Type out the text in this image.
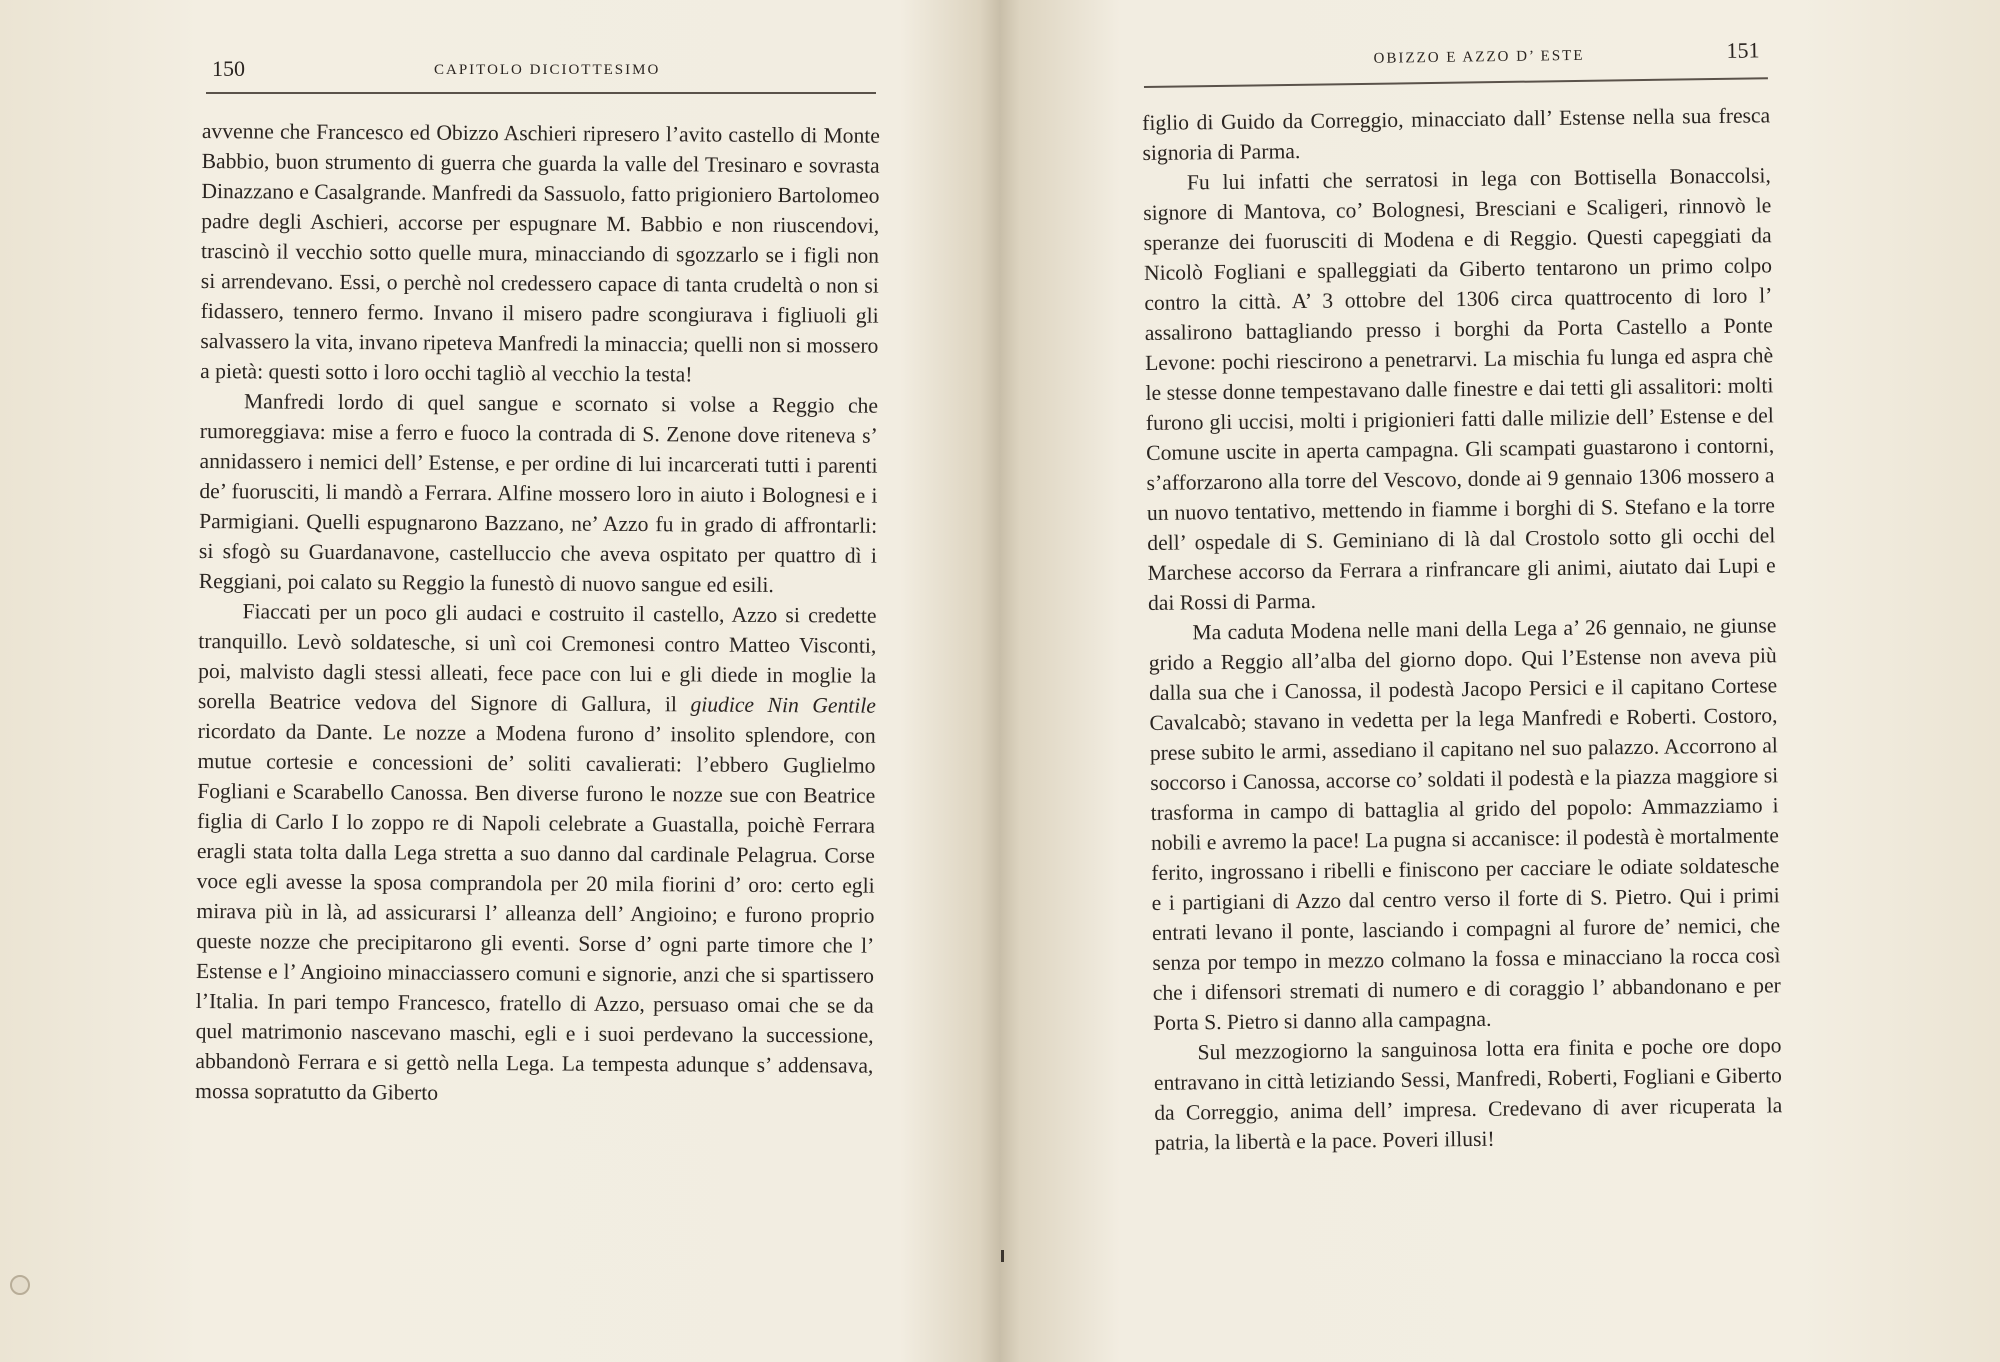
150	CAPITOLO DICIOTTESIMO

avvenne che Francesco ed Obizzo Aschieri ripresero l’avito castello di Monte Babbio, buon strumento di guerra che guarda la valle del Tresinaro e sovrasta Dinazzano e Casalgrande. Manfredi da Sassuolo, fatto prigioniero Bartolomeo padre degli Aschieri, accorse per espugnare M. Babbio e non riuscendovi, trascinò il vecchio sotto quelle mura, minacciando di sgozzarlo se i figli non si arrendevano. Essi, o perchè nol credessero capace di tanta crudeltà o non si fidassero, tennero fermo. Invano il misero padre scongiurava i figliuoli gli salvassero la vita, invano ripeteva Manfredi la minaccia; quelli non si mossero a pietà: questi sotto i loro occhi tagliò al vecchio la testa!

Manfredi lordo di quel sangue e scornato si volse a Reggio che rumoreggiava: mise a ferro e fuoco la contrada di S. Zenone dove riteneva s’ annidassero i nemici dell’ Estense, e per ordine di lui incarcerati tutti i parenti de’ fuorusciti, li mandò a Ferrara. Alfine mossero loro in aiuto i Bolognesi e i Parmigiani. Quelli espugnarono Bazzano, ne’ Azzo fu in grado di affrontarli: si sfogò su Guardanavone, castelluccio che aveva ospitato per quattro dì i Reggiani, poi calato su Reggio la funestò di nuovo sangue ed esili.

Fiaccati per un poco gli audaci e costruito il castello, Azzo si credette tranquillo. Levò soldatesche, si unì coi Cremonesi contro Matteo Visconti, poi, malvisto dagli stessi alleati, fece pace con lui e gli diede in moglie la sorella Beatrice vedova del Signore di Gallura, il giudice Nin Gentile ricordato da Dante. Le nozze a Modena furono d’ insolito splendore, con mutue cortesie e concessioni de’ soliti cavalierati: l’ebbero Guglielmo Fogliani e Scarabello Canossa. Ben diverse furono le nozze sue con Beatrice figlia di Carlo I lo zoppo re di Napoli celebrate a Guastalla, poichè Ferrara eragli stata tolta dalla Lega stretta a suo danno dal cardinale Pelagrua. Corse voce egli avesse la sposa comprandola per 20 mila fiorini d’ oro: certo egli mirava più in là, ad assicurarsi l’ alleanza dell’ Angioino; e furono proprio queste nozze che precipitarono gli eventi. Sorse d’ ogni parte timore che l’ Estense e l’ Angioino minacciassero comuni e signorie, anzi che si spartissero l’Italia. In pari tempo Francesco, fratello di Azzo, persuaso omai che se da quel matrimonio nascevano maschi, egli e i suoi perdevano la successione, abbandonò Ferrara e si gettò nella Lega. La tempesta adunque s’ addensava, mossa sopratutto da Giberto

OBIZZO E AZZO D’ ESTE	151

figlio di Guido da Correggio, minacciato dall’ Estense nella sua fresca signoria di Parma.

Fu lui infatti che serratosi in lega con Bottisella Bonaccolsi, signore di Mantova, co’ Bolognesi, Bresciani e Scaligeri, rinnovò le speranze dei fuorusciti di Modena e di Reggio. Questi capeggiati da Nicolò Fogliani e spalleggiati da Giberto tentarono un primo colpo contro la città. A’ 3 ottobre del 1306 circa quattrocento di loro l’ assalirono battagliando presso i borghi da Porta Castello a Ponte Levone: pochi riescirono a penetrarvi. La mischia fu lunga ed aspra chè le stesse donne tempestavano dalle finestre e dai tetti gli assalitori: molti furono gli uccisi, molti i prigionieri fatti dalle milizie dell’ Estense e del Comune uscite in aperta campagna. Gli scampati guastarono i contorni, s’afforzarono alla torre del Vescovo, donde ai 9 gennaio 1306 mossero a un nuovo tentativo, mettendo in fiamme i borghi di S. Stefano e la torre dell’ ospedale di S. Geminiano di là dal Crostolo sotto gli occhi del Marchese accorso da Ferrara a rinfrancare gli animi, aiutato dai Lupi e dai Rossi di Parma.

Ma caduta Modena nelle mani della Lega a’ 26 gennaio, ne giunse grido a Reggio all’alba del giorno dopo. Qui l’Estense non aveva più dalla sua che i Canossa, il podestà Jacopo Persici e il capitano Cortese Cavalcabò; stavano in vedetta per la lega Manfredi e Roberti. Costoro, prese subito le armi, assediano il capitano nel suo palazzo. Accorrono al soccorso i Canossa, accorse co’ soldati il podestà e la piazza maggiore si trasforma in campo di battaglia al grido del popolo: Ammazziamo i nobili e avremo la pace! La pugna si accanisce: il podestà è mortalmente ferito, ingrossano i ribelli e finiscono per cacciare le odiate soldatesche e i partigiani di Azzo dal centro verso il forte di S. Pietro. Qui i primi entrati levano il ponte, lasciando i compagni al furore de’ nemici, che senza por tempo in mezzo colmano la fossa e minacciano la rocca così che i difensori stremati di numero e di coraggio l’ abbandonano e per Porta S. Pietro si danno alla campagna.

Sul mezzogiorno la sanguinosa lotta era finita e poche ore dopo entravano in città letiziando Sessi, Manfredi, Roberti, Fogliani e Giberto da Correggio, anima dell’ impresa. Credevano di aver ricuperata la patria, la libertà e la pace. Poveri illusi!
